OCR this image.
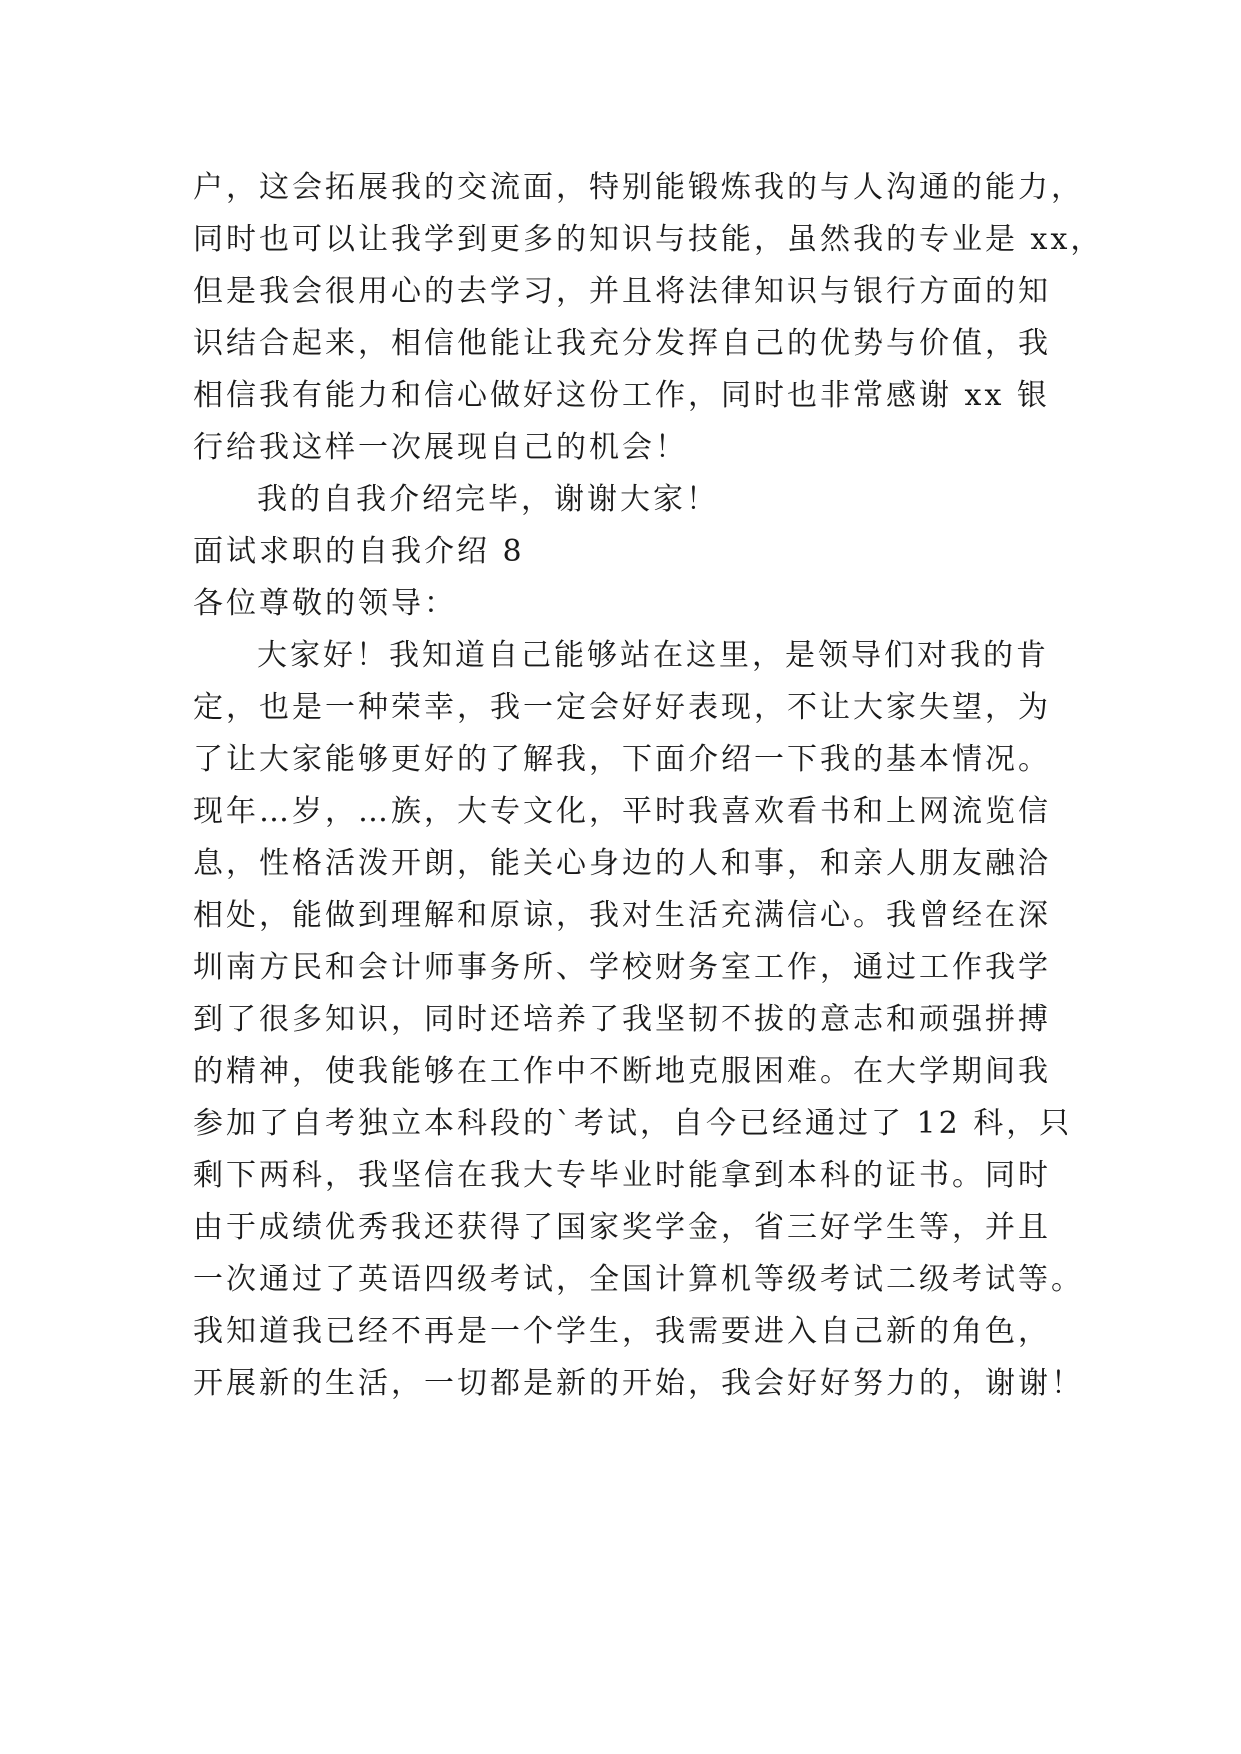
户，这会拓展我的交流面，特别能锻炼我的与人沟通的能力，
同时也可以让我学到更多的知识与技能，虽然我的专业是 xx，
但是我会很用心的去学习，并且将法律知识与银行方面的知
识结合起来，相信他能让我充分发挥自己的优势与价值，我
相信我有能力和信心做好这份工作，同时也非常感谢 xx 银
行给我这样一次展现自己的机会！
我的自我介绍完毕，谢谢大家！
面试求职的自我介绍 8
各位尊敬的领导：
大家好！我知道自己能够站在这里，是领导们对我的肯
定，也是一种荣幸，我一定会好好表现，不让大家失望，为
了让大家能够更好的了解我，下面介绍一下我的基本情况。
现年…岁，…族，大专文化，平时我喜欢看书和上网流览信
息，性格活泼开朗，能关心身边的人和事，和亲人朋友融洽
相处，能做到理解和原谅，我对生活充满信心。我曾经在深
圳南方民和会计师事务所、学校财务室工作，通过工作我学
到了很多知识，同时还培养了我坚韧不拔的意志和顽强拼搏
的精神，使我能够在工作中不断地克服困难。在大学期间我
参加了自考独立本科段的`考试，自今已经通过了 12 科，只
剩下两科，我坚信在我大专毕业时能拿到本科的证书。同时
由于成绩优秀我还获得了国家奖学金，省三好学生等，并且
一次通过了英语四级考试，全国计算机等级考试二级考试等。
我知道我已经不再是一个学生，我需要进入自己新的角色，
开展新的生活，一切都是新的开始，我会好好努力的，谢谢！
